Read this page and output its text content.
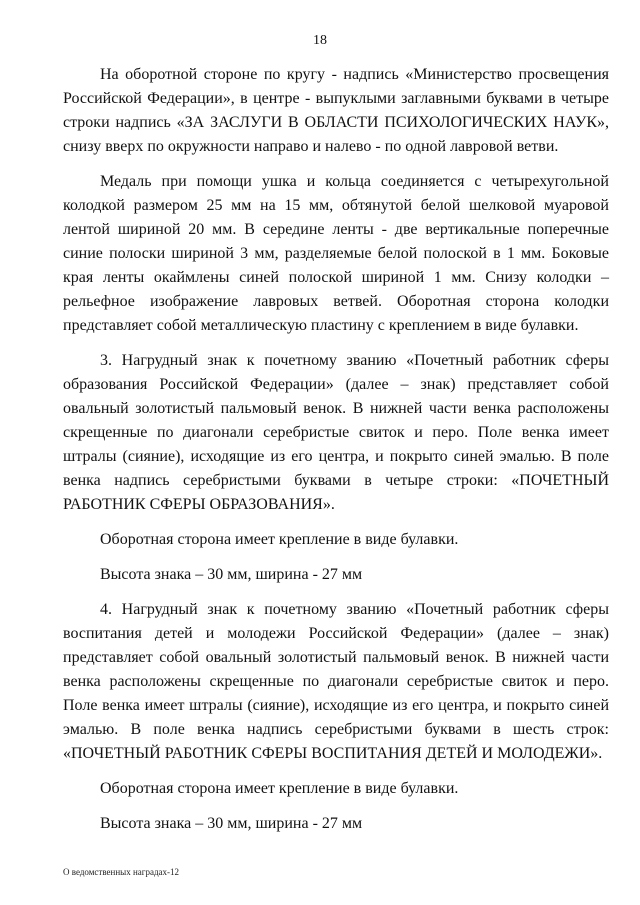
18

На оборотной стороне по кругу - надпись «Министерство просвещения Российской Федерации», в центре - выпуклыми заглавными буквами в четыре строки надпись «ЗА ЗАСЛУГИ В ОБЛАСТИ ПСИХОЛОГИЧЕСКИХ НАУК», снизу вверх по окружности направо и налево - по одной лавровой ветви.

Медаль при помощи ушка и кольца соединяется с четырехугольной колодкой размером 25 мм на 15 мм, обтянутой белой шелковой муаровой лентой шириной 20 мм. В середине ленты - две вертикальные поперечные синие полоски шириной 3 мм, разделяемые белой полоской в 1 мм. Боковые края ленты окаймлены синей полоской шириной 1 мм. Снизу колодки – рельефное изображение лавровых ветвей. Оборотная сторона колодки представляет собой металлическую пластину с креплением в виде булавки.

3. Нагрудный знак к почетному званию «Почетный работник сферы образования Российской Федерации» (далее – знак) представляет собой овальный золотистый пальмовый венок. В нижней части венка расположены скрещенные по диагонали серебристые свиток и перо. Поле венка имеет штралы (сияние), исходящие из его центра, и покрыто синей эмалью. В поле венка надпись серебристыми буквами в четыре строки: «ПОЧЕТНЫЙ РАБОТНИК СФЕРЫ ОБРАЗОВАНИЯ».

Оборотная сторона имеет крепление в виде булавки.

Высота знака – 30 мм, ширина - 27 мм

4. Нагрудный знак к почетному званию «Почетный работник сферы воспитания детей и молодежи Российской Федерации» (далее – знак) представляет собой овальный золотистый пальмовый венок. В нижней части венка расположены скрещенные по диагонали серебристые свиток и перо. Поле венка имеет штралы (сияние), исходящие из его центра, и покрыто синей эмалью. В поле венка надпись серебристыми буквами в шесть строк: «ПОЧЕТНЫЙ РАБОТНИК СФЕРЫ ВОСПИТАНИЯ ДЕТЕЙ И МОЛОДЕЖИ».

Оборотная сторона имеет крепление в виде булавки.

Высота знака – 30 мм, ширина - 27 мм

О ведомственных наградах-12
